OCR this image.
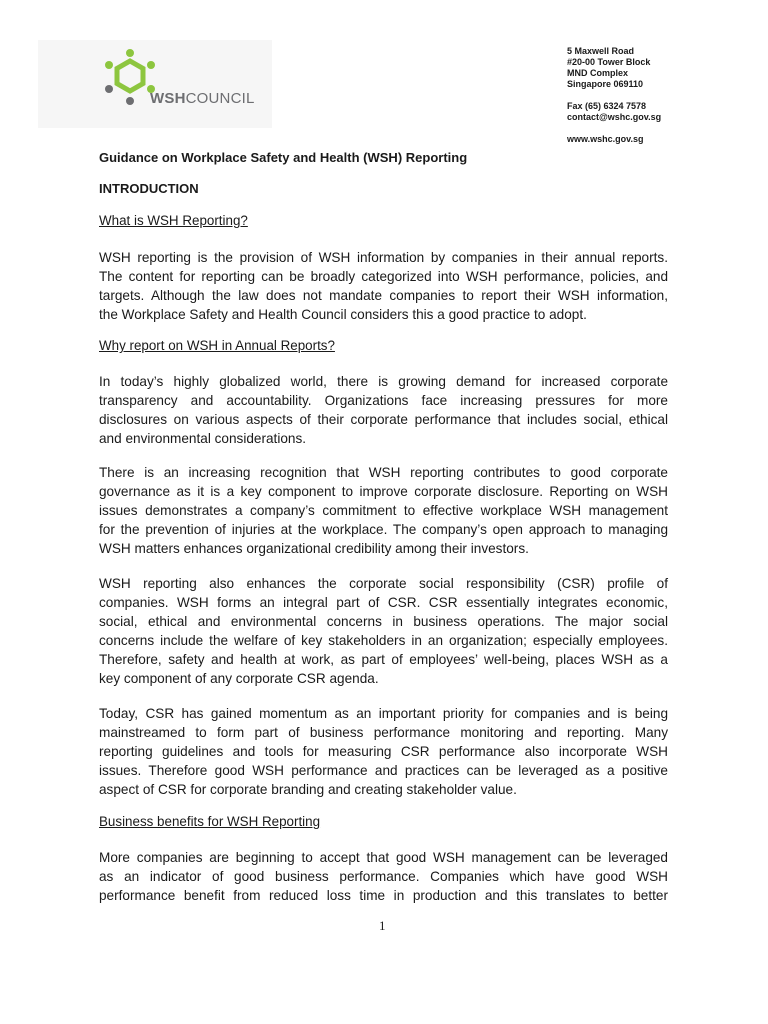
WSHCOUNCIL
5 Maxwell Road
#20-00 Tower Block
MND Complex
Singapore 069110
Fax (65) 6324 7578
contact@wshc.gov.sg
www.wshc.gov.sg
Guidance on Workplace Safety and Health (WSH) Reporting
INTRODUCTION
What is WSH Reporting?
WSH reporting is the provision of WSH information by companies in their annual reports.
The content for reporting can be broadly categorized into WSH performance, policies, and
targets. Although the law does not mandate companies to report their WSH information,
the Workplace Safety and Health Council considers this a good practice to adopt.
Why report on WSH in Annual Reports?
In today’s highly globalized world, there is growing demand for increased corporate
transparency and accountability. Organizations face increasing pressures for more
disclosures on various aspects of their corporate performance that includes social, ethical
and environmental considerations.
There is an increasing recognition that WSH reporting contributes to good corporate
governance as it is a key component to improve corporate disclosure. Reporting on WSH
issues demonstrates a company’s commitment to effective workplace WSH management
for the prevention of injuries at the workplace. The company’s open approach to managing
WSH matters enhances organizational credibility among their investors.
WSH reporting also enhances the corporate social responsibility (CSR) profile of
companies. WSH forms an integral part of CSR. CSR essentially integrates economic,
social, ethical and environmental concerns in business operations. The major social
concerns include the welfare of key stakeholders in an organization; especially employees.
Therefore, safety and health at work, as part of employees’ well-being, places WSH as a
key component of any corporate CSR agenda.
Today, CSR has gained momentum as an important priority for companies and is being
mainstreamed to form part of business performance monitoring and reporting. Many
reporting guidelines and tools for measuring CSR performance also incorporate WSH
issues. Therefore good WSH performance and practices can be leveraged as a positive
aspect of CSR for corporate branding and creating stakeholder value.
Business benefits for WSH Reporting
More companies are beginning to accept that good WSH management can be leveraged
as an indicator of good business performance. Companies which have good WSH
performance benefit from reduced loss time in production and this translates to better
1
